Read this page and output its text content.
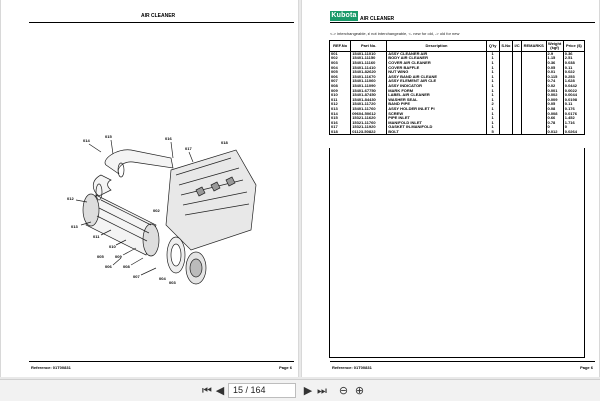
AIR CLEANER
014
015	016
017
012
013
011
010
009
008
007
006
005
004
003
002
018
Reference: 01T00831	Page 6
Kubota AIR CLEANER
<-> interchangeable, ≠ not interchangeable, <- new for old, -> old for new
Reference: 01T00831	Page 6
REF.No	Part No.	Description	Q'ty	S.No	I/C	REMARKS	Weight (kgf)	Price ($)
001	15401-11010	ASSY CLEANER AIR	1				2.9	0.36
002	15401-11150	BODY AIR CLEANER	1				1.15	2.51
003	15401-11160	COVER AIR CLEANER	1				0.36	0.038
004	15401-11410	COVER BAFFLE	1				0.05	0.11
005	15401-82620	NUT WING	1				0.01	0.022
006	15401-11670	ASSY BAND AIR CLEANE	1				0.115	0.253
007	15401-11060	ASSY ELEMENT AIR CLE	1				0.74	1.628
008	15401-11090	ASSY INDICATOR	1				0.02	0.0442
009	15401-67750	MARK FORM	1				0.001	0.0022
010	15401-87450	LABEL AIR CLEANER	1				0.002	0.0044
011	15401-84430	WASHER SEAL	1				0.009	0.0198
012	15401-11720	BAND PIPE	2				0.05	0.11
013	15401-11760	ASSY HOLDER INLET PI	1				0.08	0.176
014	09604-50612	SCREW	1				0.008	0.0176
015	15321-11620	PIPE INLET	1				0.66	1.452
016	15321-11760	MANIFOLD INLET	1				0.78	1.716
017	15321-11920	GASKET IN-MANIFOLD	1				0	0
018	01123-50822	BOLT	5				0.012	0.0264
⏮ ◀ 15 / 164	▶ ⏭ ⊖ ⊕
